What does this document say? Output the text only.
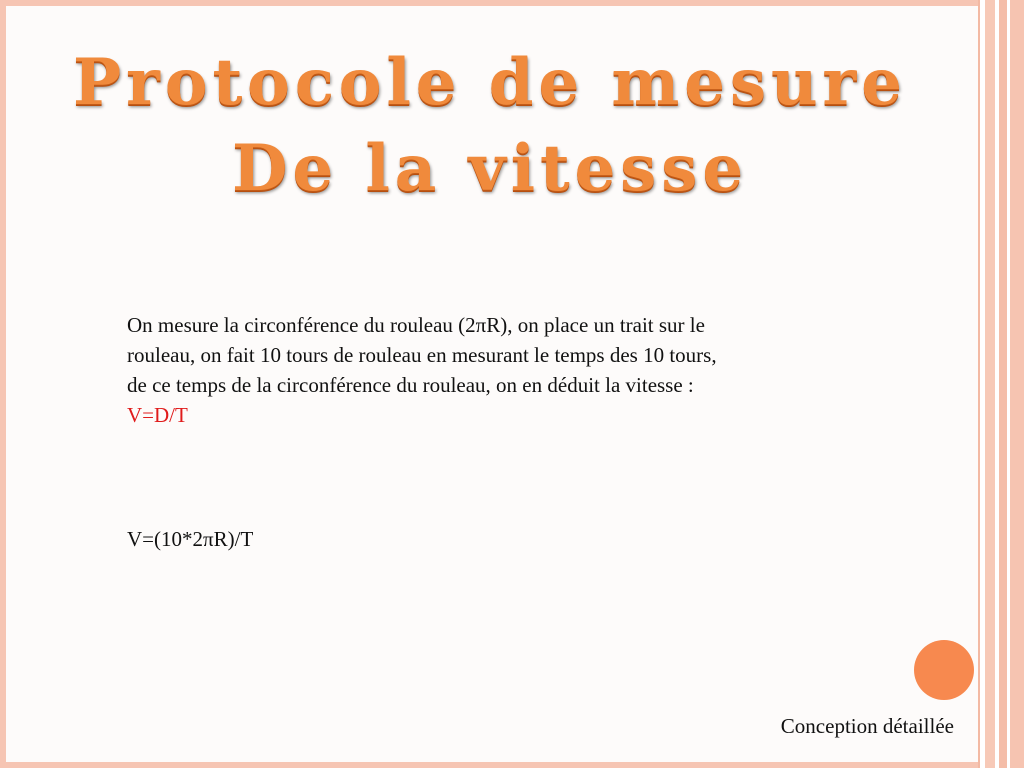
Protocole de mesure
De la vitesse
On mesure la circonférence du rouleau (2πR), on place un trait sur le rouleau, on fait 10 tours de rouleau en mesurant le temps des 10 tours, de ce temps de la circonférence du rouleau, on en déduit la vitesse : V=D/T
V=(10*2πR)/T
Conception détaillée
